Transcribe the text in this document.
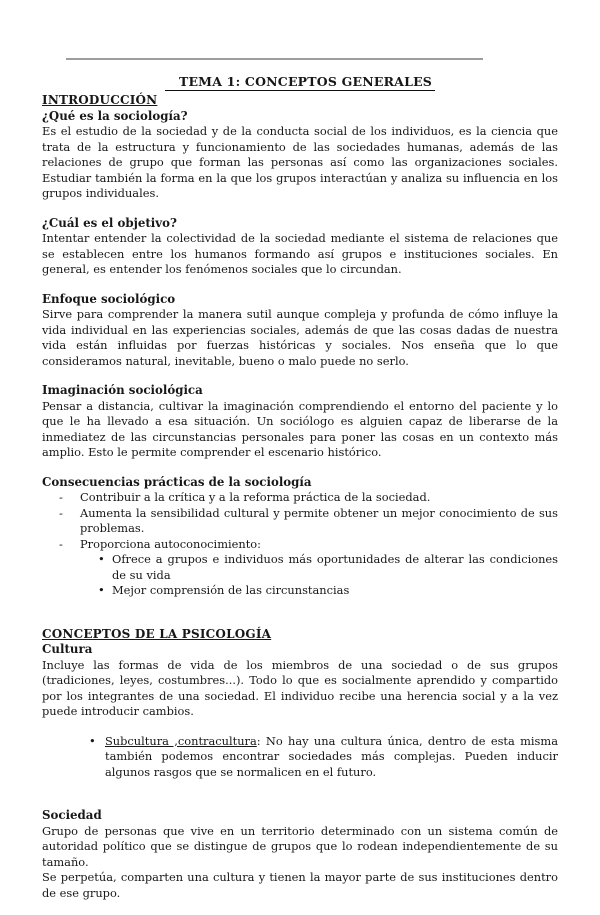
TEMA 1: CONCEPTOS GENERALES
INTRODUCCIÓN
¿Qué es la sociología?

Es el estudio de la sociedad y de la conducta social de los individuos, es la ciencia que trata de la estructura y funcionamiento de las sociedades humanas, además de las relaciones de grupo que forman las personas así como las organizaciones sociales. Estudiar también la forma en la que los grupos interactúan y analiza su influencia en los grupos individuales.

¿Cuál es el objetivo?

Intentar entender la colectividad de la sociedad mediante el sistema de relaciones que se establecen entre los humanos formando así grupos e instituciones sociales. En general, es entender los fenómenos sociales que lo circundan.

Enfoque sociológico

Sirve para comprender la manera sutil aunque compleja y profunda de cómo influye la vida individual en las experiencias sociales, además de que las cosas dadas de nuestra vida están influidas por fuerzas históricas y sociales. Nos enseña que lo que consideramos natural, inevitable, bueno o malo puede no serlo.

Imaginación sociológica

Pensar a distancia, cultivar la imaginación comprendiendo el entorno del paciente y lo que le ha llevado a esa situación. Un sociólogo es alguien capaz de liberarse de la inmediatez de las circunstancias personales para poner las cosas en un contexto más amplio. Esto le permite comprender el escenario histórico.

Consecuencias prácticas de la sociología
- Contribuir a la crítica y a la reforma práctica de la sociedad.
- Aumenta la sensibilidad cultural y permite obtener un mejor conocimiento de sus problemas.
- Proporciona autoconocimiento:
• Ofrece a grupos e individuos más oportunidades de alterar las condiciones de su vida
• Mejor comprensión de las circunstancias
CONCEPTOS DE LA PSICOLOGÍA
Cultura

Incluye las formas de vida de los miembros de una sociedad o de sus grupos (tradiciones, leyes, costumbres...). Todo lo que es socialmente aprendido y compartido por los integrantes de una sociedad. El individuo recibe una herencia social y a la vez puede introducir cambios.

• Subcultura ,contracultura: No hay una cultura única, dentro de esta misma también podemos encontrar sociedades más complejas. Pueden inducir algunos rasgos que se normalicen en el futuro.
Sociedad

Grupo de personas que vive en un territorio determinado con un sistema común de autoridad político que se distingue de grupos que lo rodean independientemente de su tamaño.

Se perpetúa, comparten una cultura y tienen la mayor parte de sus instituciones dentro de ese grupo.
